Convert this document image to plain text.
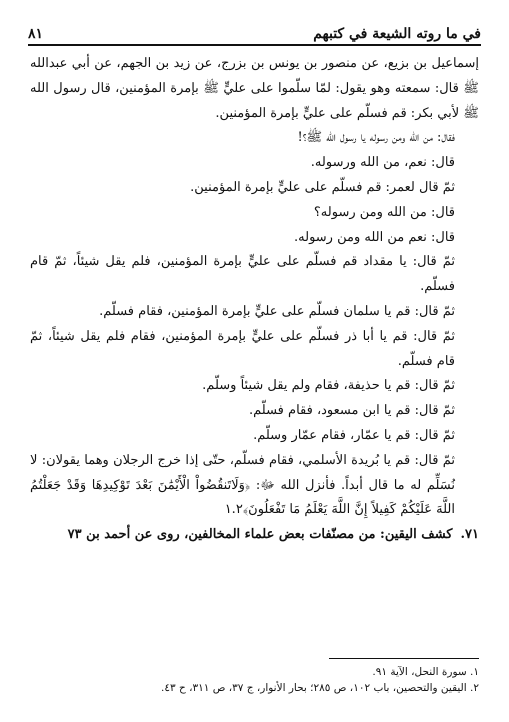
في ما روته الشيعة في كتبهم
٨١

إسماعيل بن بزيع، عن منصور بن يونس بن بزرج، عن زيد بن الجهم، عن أبي عبدالله ﷺ قال: سمعته وهو يقول: لمّا سلّموا على عليٍّ ﷺ بإمرة المؤمنين، قال رسول الله ﷺ لأبي بكر: قم فسلّم على عليٍّ بإمرة المؤمنين.

فقال: من الله ومن رسوله يا رسول الله ﷺ؟!

قال: نعم، من الله ورسوله.

ثمّ قال لعمر: قم فسلّم على عليٍّ بإمرة المؤمنين.

قال: من الله ومن رسوله؟

قال: نعم من الله ومن رسوله.

ثمّ قال: يا مقداد قم فسلّم على عليٍّ بإمرة المؤمنين، فلم يقل شيئاً، ثمّ قام فسلّم.

ثمّ قال: قم يا سلمان فسلّم على عليٍّ بإمرة المؤمنين، فقام فسلّم.

ثمّ قال: قم يا أبا ذر فسلّم على عليٍّ بإمرة المؤمنين، فقام فلم يقل شيئاً، ثمّ قام فسلّم.

ثمّ قال: قم يا حذيفة، فقام ولم يقل شيئاً وسلّم.

ثمّ قال: قم يا ابن مسعود، فقام فسلّم.

ثمّ قال: قم يا عمّار، فقام عمّار وسلّم.

ثمّ قال: قم يا بُريدة الأسلمي، فقام فسلّم، حتّى إذا خرج الرجلان وهما يقولان: لا نُسَلِّم له ما قال أبداً. فأنزل الله ﷻ: ﴿وَلَاتَنقُضُواْ الْأَيْمَٰنَ بَعْدَ تَوْكِيدِهَا وَقَدْ جَعَلْتُمُ اللَّهَ عَلَيْكُمْ كَفِيلاً إِنَّ اللَّهَ يَعْلَمُ مَا تَفْعَلُونَ﴾١.٢

٧١.كشف اليقين: من مصنّفات بعض علماء المخالفين، روى عن أحمد بن ٧٣

١. سورة النحل، الآية ٩١.

٢. اليقين والتحصين، باب ١٠٢، ص ٢٨٥؛ بحار الأنوار، ج ٣٧، ص ٣١١، ح ٤٣.
